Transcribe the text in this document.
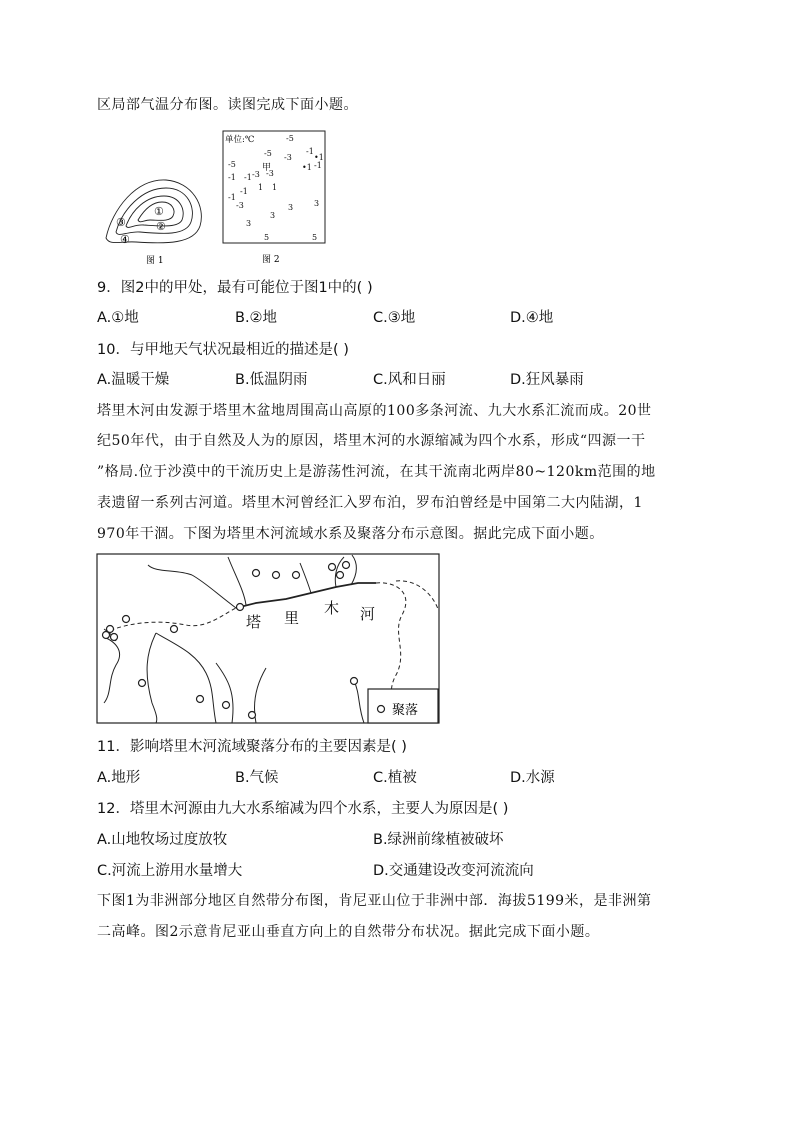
区局部气温分布图。读图完成下面小题。
①
②
③
④
图 1
单位:℃	-5
-5 -3
-1
-5
-3
•1
-1
-1
-1
1
-3
-1
-3
•1
1
3
3
3	3
5	5
-1
甲
图 2
9．图2中的甲处，最有可能位于图1中的( )
A.①地	B.②地	C.③地	D.④地
10．与甲地天气状况最相近的描述是( )
A.温暖干燥	B.低温阴雨	C.风和日丽	D.狂风暴雨
塔里木河由发源于塔里木盆地周围高山高原的100多条河流、九大水系汇流而成。20世
纪50年代，由于自然及人为的原因，塔里木河的水源缩减为四个水系，形成“四源一干
”格局.位于沙漠中的干流历史上是游荡性河流，在其干流南北两岸80~120km范围的地
表遗留一系列古河道。塔里木河曾经汇入罗布泊，罗布泊曾经是中国第二大内陆湖，1
970年干涸。下图为塔里木河流域水系及聚落分布示意图。据此完成下面小题。
塔 里
木 河
聚落
11．影响塔里木河流域聚落分布的主要因素是( )
A.地形	B.气候	C.植被	D.水源
12．塔里木河源由九大水系缩减为四个水系，主要人为原因是( )
A.山地牧场过度放牧	B.绿洲前缘植被破坏
C.河流上游用水量增大	D.交通建设改变河流流向
下图1为非洲部分地区自然带分布图，肯尼亚山位于非洲中部．海拔5199米，是非洲第
二高峰。图2示意肯尼亚山垂直方向上的自然带分布状况。据此完成下面小题。
